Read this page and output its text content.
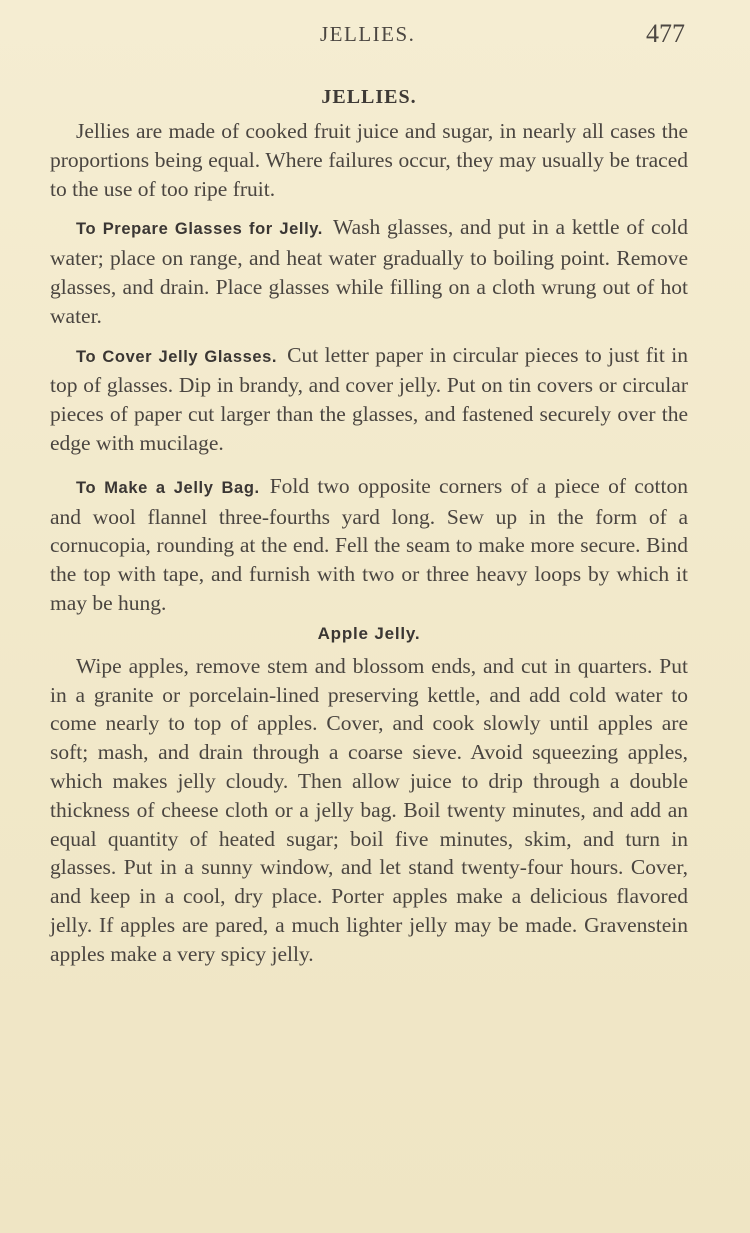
JELLIES.	477
JELLIES.

Jellies are made of cooked fruit juice and sugar, in nearly all cases the proportions being equal. Where failures occur, they may usually be traced to the use of too ripe fruit.

To Prepare Glasses for Jelly. Wash glasses, and put in a kettle of cold water; place on range, and heat water gradually to boiling point. Remove glasses, and drain. Place glasses while filling on a cloth wrung out of hot water.

To Cover Jelly Glasses. Cut letter paper in circular pieces to just fit in top of glasses. Dip in brandy, and cover jelly. Put on tin covers or circular pieces of paper cut larger than the glasses, and fastened securely over the edge with mucilage.

To Make a Jelly Bag. Fold two opposite corners of a piece of cotton and wool flannel three-fourths yard long. Sew up in the form of a cornucopia, rounding at the end. Fell the seam to make more secure. Bind the top with tape, and furnish with two or three heavy loops by which it may be hung.

Apple Jelly.

Wipe apples, remove stem and blossom ends, and cut in quarters. Put in a granite or porcelain-lined preserving kettle, and add cold water to come nearly to top of apples. Cover, and cook slowly until apples are soft; mash, and drain through a coarse sieve. Avoid squeezing apples, which makes jelly cloudy. Then allow juice to drip through a double thickness of cheese cloth or a jelly bag. Boil twenty minutes, and add an equal quantity of heated sugar; boil five minutes, skim, and turn in glasses. Put in a sunny window, and let stand twenty-four hours. Cover, and keep in a cool, dry place. Porter apples make a delicious flavored jelly. If apples are pared, a much lighter jelly may be made. Gravenstein apples make a very spicy jelly.
